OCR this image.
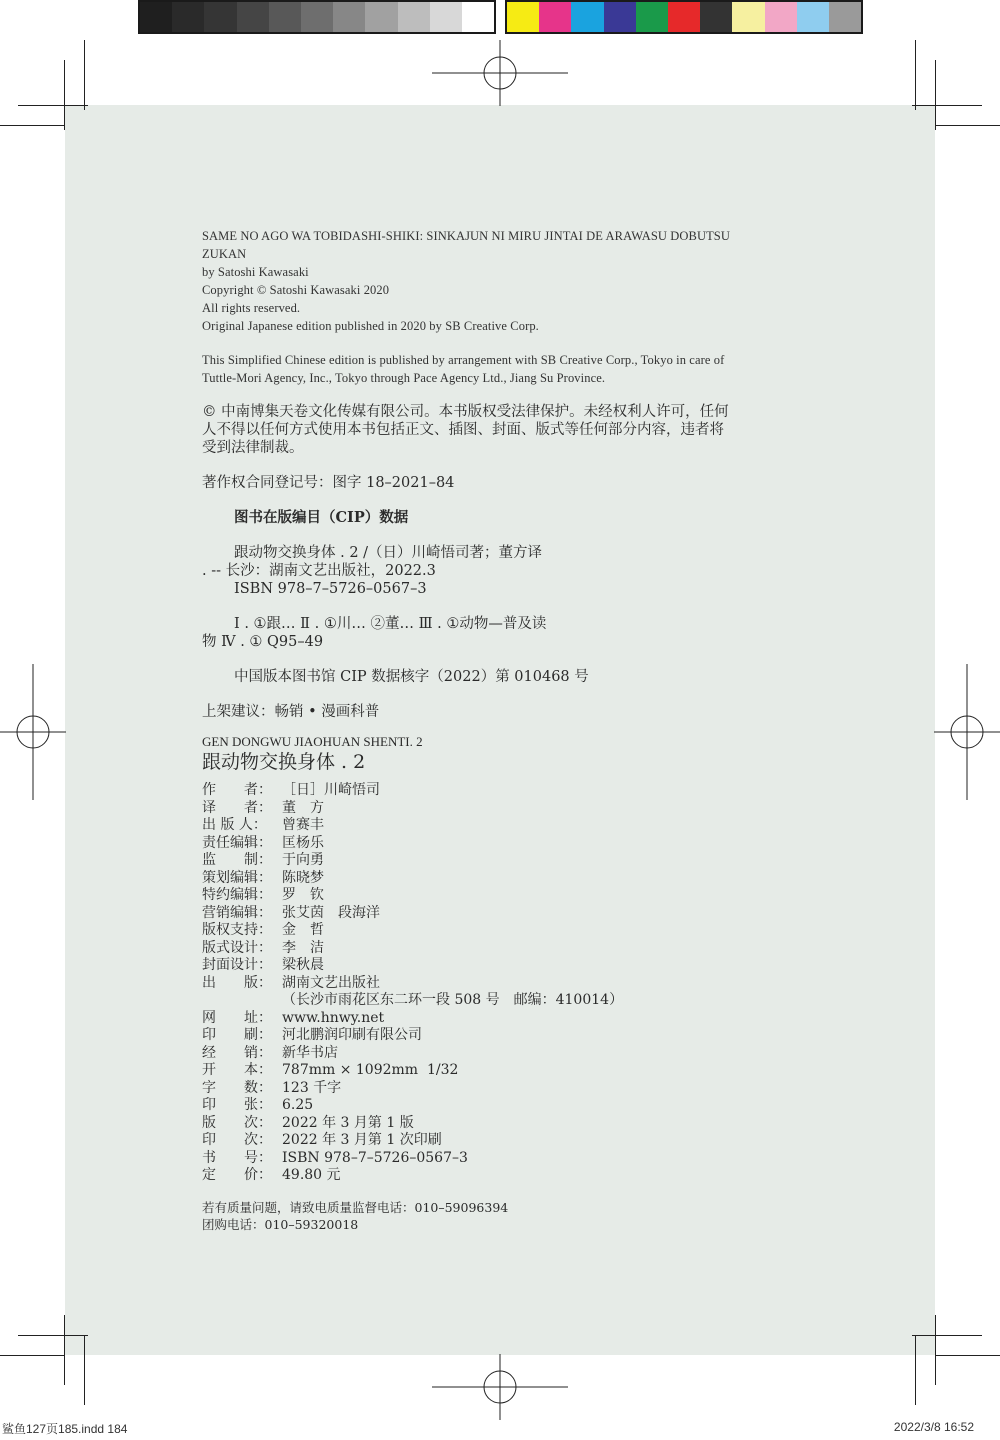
SAME NO AGO WA TOBIDASHI-SHIKI: SINKAJUN NI MIRU JINTAI DE ARAWASU DOBUTSU

ZUKAN

by Satoshi Kawasaki

Copyright © Satoshi Kawasaki 2020

All rights reserved.

Original Japanese edition published in 2020 by SB Creative Corp.

This Simplified Chinese edition is published by arrangement with SB Creative Corp., Tokyo in care of

Tuttle-Mori Agency, Inc., Tokyo through Pace Agency Ltd., Jiang Su Province.

© 中南博集天卷文化传媒有限公司。本书版权受法律保护。未经权利人许可，任何

人不得以任何方式使用本书包括正文、插图、封面、版式等任何部分内容，违者将

受到法律制裁。

著作权合同登记号：图字 18–2021–84

图书在版编目（CIP）数据

跟动物交换身体 . 2 /（日）川崎悟司著；董方译

. -- 长沙：湖南文艺出版社，2022.3

ISBN 978–7–5726–0567–3

Ⅰ . ①跟… Ⅱ . ①川… ②董… Ⅲ . ①动物—普及读

物 Ⅳ . ① Q95–49

中国版本图书馆 CIP 数据核字（2022）第 010468 号

上架建议：畅销 • 漫画科普

GEN DONGWU JIAOHUAN SHENTI. 2

跟动物交换身体 . 2

作　　者： ［日］川崎悟司
译　　者： 董　方
出 版 人：	曾赛丰
责任编辑： 匡杨乐
监　　制： 于向勇
策划编辑： 陈晓梦
特约编辑： 罗　钦
营销编辑： 张艾茵　段海洋
版权支持： 金　哲
版式设计： 李　洁
封面设计： 梁秋晨
出　　版： 湖南文艺出版社
（长沙市雨花区东二环一段 508 号　邮编：410014）
网　　址： www.hnwy.net
印　　刷： 河北鹏润印刷有限公司
经　　销： 新华书店
开　　本： 787mm × 1092mm  1/32
字　　数： 123 千字
印　　张： 6.25
版　　次： 2022 年 3 月第 1 版
印　　次： 2022 年 3 月第 1 次印刷
书　　号： ISBN 978–7–5726–0567–3
定　　价： 49.80 元

若有质量问题，请致电质量监督电话：010–59096394

团购电话：010–59320018

鲨鱼127页185.indd 184	2022/3/8 16:52
